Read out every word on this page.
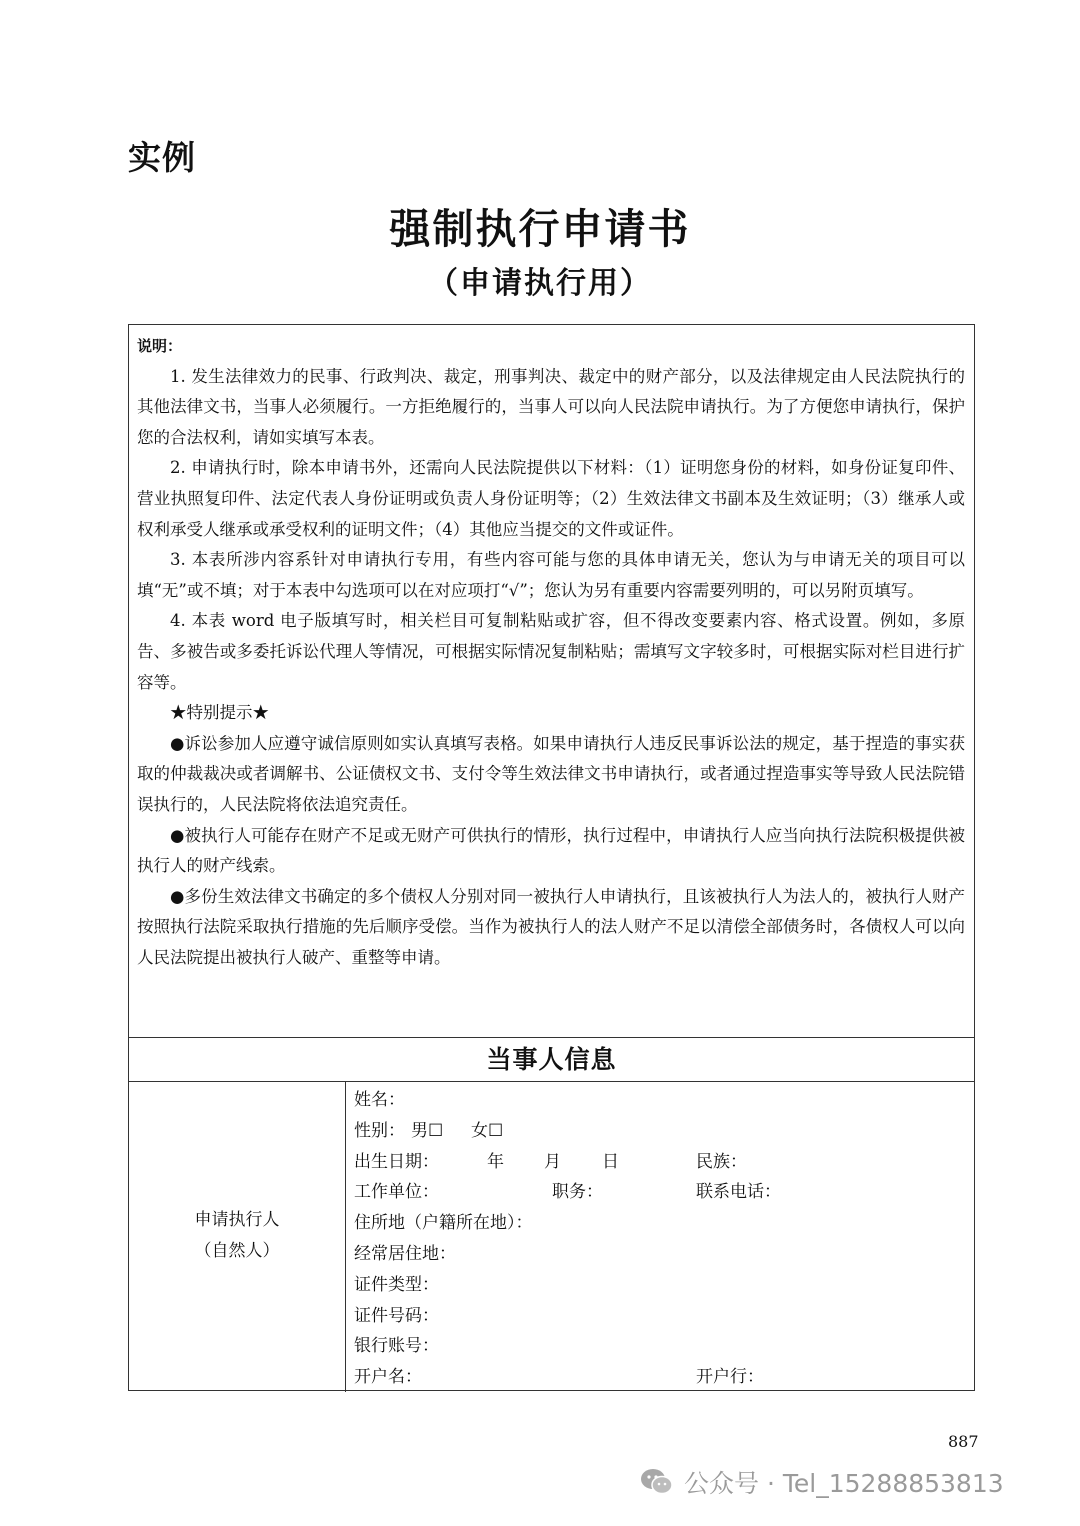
实例
强制执行申请书
（申请执行用）

说明：

1. 发生法律效力的民事、行政判决、裁定，刑事判决、裁定中的财产部分，以及法律规定由人民法院执行的其他法律文书，当事人必须履行。一方拒绝履行的，当事人可以向人民法院申请执行。为了方便您申请执行，保护您的合法权利，请如实填写本表。

2. 申请执行时，除本申请书外，还需向人民法院提供以下材料：（1）证明您身份的材料，如身份证复印件、营业执照复印件、法定代表人身份证明或负责人身份证明等；（2）生效法律文书副本及生效证明；（3）继承人或权利承受人继承或承受权利的证明文件；（4）其他应当提交的文件或证件。

3. 本表所涉内容系针对申请执行专用，有些内容可能与您的具体申请无关，您认为与申请无关的项目可以填“无”或不填；对于本表中勾选项可以在对应项打“√”；您认为另有重要内容需要列明的，可以另附页填写。

4. 本表 word 电子版填写时，相关栏目可复制粘贴或扩容，但不得改变要素内容、格式设置。例如，多原告、多被告或多委托诉讼代理人等情况，可根据实际情况复制粘贴；需填写文字较多时，可根据实际对栏目进行扩容等。

★特别提示★

●诉讼参加人应遵守诚信原则如实认真填写表格。如果申请执行人违反民事诉讼法的规定，基于捏造的事实获取的仲裁裁决或者调解书、公证债权文书、支付令等生效法律文书申请执行，或者通过捏造事实等导致人民法院错误执行的，人民法院将依法追究责任。

●被执行人可能存在财产不足或无财产可供执行的情形，执行过程中，申请执行人应当向执行法院积极提供被执行人的财产线索。

●多份生效法律文书确定的多个债权人分别对同一被执行人申请执行，且该被执行人为法人的，被执行人财产按照执行法院采取执行措施的先后顺序受偿。当作为被执行人的法人财产不足以清偿全部债务时，各债权人可以向人民法院提出被执行人破产、重整等申请。

当事人信息
申请执行人
（自然人）
姓名：
性别： 男☐ 女☐
出生日期：	年 月 日	民族：
工作单位：	职务：	联系电话：
住所地（户籍所在地）：
经常居住地：
证件类型：
证件号码：
银行账号：
开户名：	开户行：
887
公众号 · Tel_15288853813
